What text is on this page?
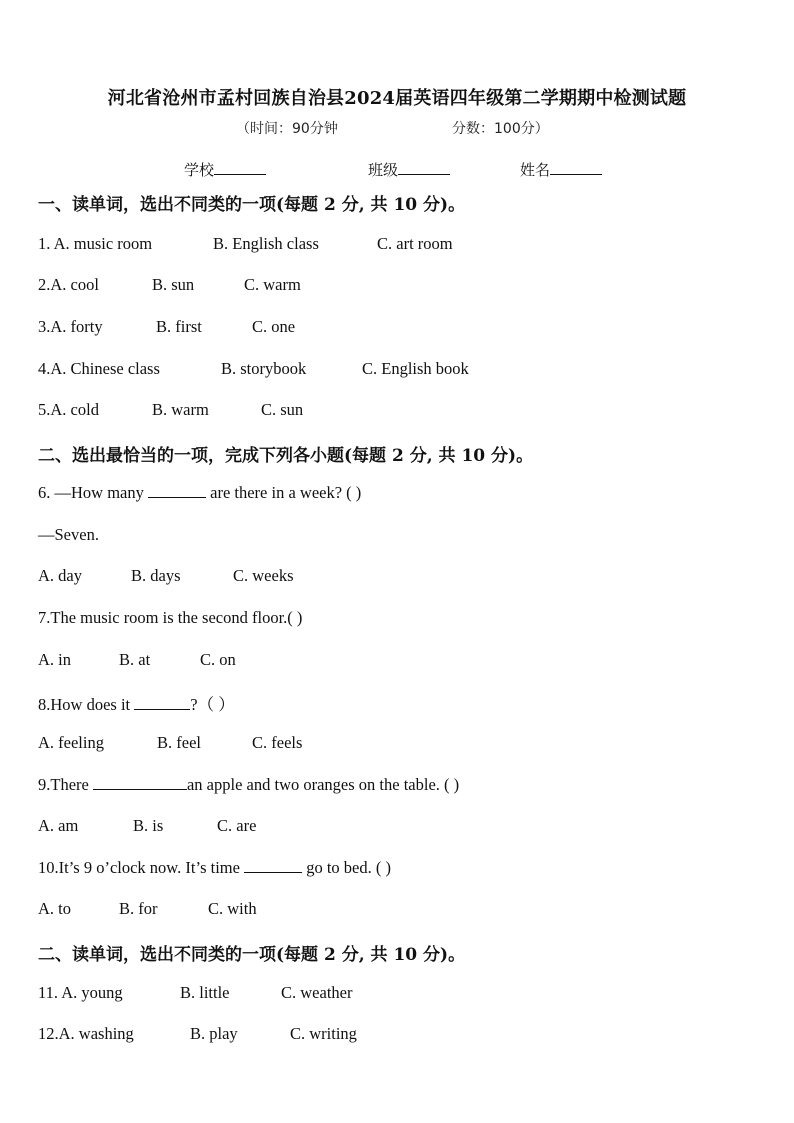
河北省沧州市孟村回族自治县2024届英语四年级第二学期期中检测试题
（时间：90分钟	分数：100分）
学校	班级	姓名
一、读单词，选出不同类的一项(每题 2 分, 共 10 分)。
1. A. music room	B. English class	C. art room
2.A. cool	B. sun	C. warm
3.A. forty	B. first	C. one
4.A. Chinese class	B. storybook	C. English book
5.A. cold	B. warm	C. sun
二、选出最恰当的一项，完成下列各小题(每题 2 分, 共 10 分)。
6. —How many	are there in a week? ( )
—Seven.
A. day	B. days	C. weeks
7.The music room is the second floor.( )
A. in	B. at	C. on
8.How does it	?（ ）
A. feeling	B. feel	C. feels
9.There	an apple and two oranges on the table. ( )
A. am	B. is	C. are
10.It’s 9 o’clock now. It’s time	go to bed. ( )
A. to	B. for	C. with
二、读单词，选出不同类的一项(每题 2 分, 共 10 分)。
11. A. young	B. little	C. weather
12.A. washing	B. play	C. writing
